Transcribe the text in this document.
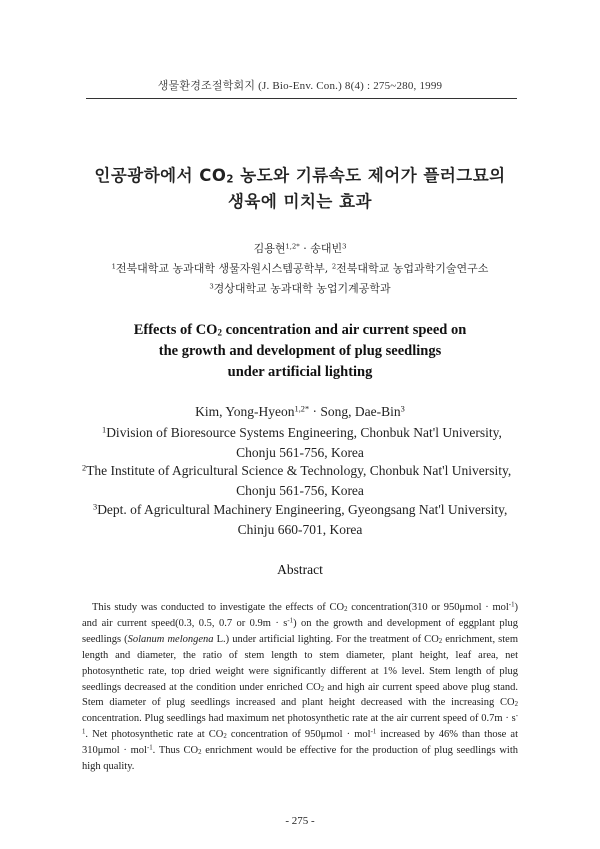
생물환경조절학회지 (J. Bio-Env. Con.) 8(4) : 275~280, 1999
인공광하에서 $CO_2$ 농도와 기류속도 제어가 플러그묘의
생육에 미치는 효과
김용현$^{1,2*}$ · 송대빈$^3$
$^1$전북대학교 농과대학 생물자원시스템공학부, $^2$전북대학교 농업과학기술연구소
$^3$경상대학교 농과대학 농업기계공학과
Effects of $CO_2$ concentration and air current speed on
the growth and development of plug seedlings
under artificial lighting
Kim, Yong-Hyeon$^{1,2*}$ · Song, Dae-Bin$^3$
$^1$Division of Bioresource Systems Engineering, Chonbuk Nat'l University,
Chonju 561-756, Korea
$^2$The Institute of Agricultural Science & Technology, Chonbuk Nat'l University,
Chonju 561-756, Korea
$^3$Dept. of Agricultural Machinery Engineering, Gyeongsang Nat'l University,
Chinju 660-701, Korea
Abstract

This study was conducted to investigate the effects of $CO_2$ concentration(310 or 950μmol · mol$^{-1}$) and air current speed(0.3, 0.5, 0.7 or $0.9m \cdot s^{-1}$) on the growth and development of eggplant plug seedlings (Solanum melongena L.) under artificial lighting. For the treatment of $CO_2$ enrichment, stem length and diameter, the ratio of stem length to stem diameter, plant height, leaf area, net photosynthetic rate, top dried weight were significantly different at 1% level. Stem length of plug seedlings decreased at the condition under enriched $CO_2$ and high air current speed above plug stand. Stem diameter of plug seedlings increased and plant height decreased with the increasing $CO_2$ concentration. Plug seedlings had maximum net photosynthetic rate at the air current speed of $0.7m \cdot s^{-1}$. Net photosynthetic rate at $CO_2$ concentration of 950μmol · mol$^{-1}$ increased by 46% than those at 310μmol · mol$^{-1}$. Thus $CO_2$ enrichment would be effective for the production of plug seedlings with high quality.

- 275 -
